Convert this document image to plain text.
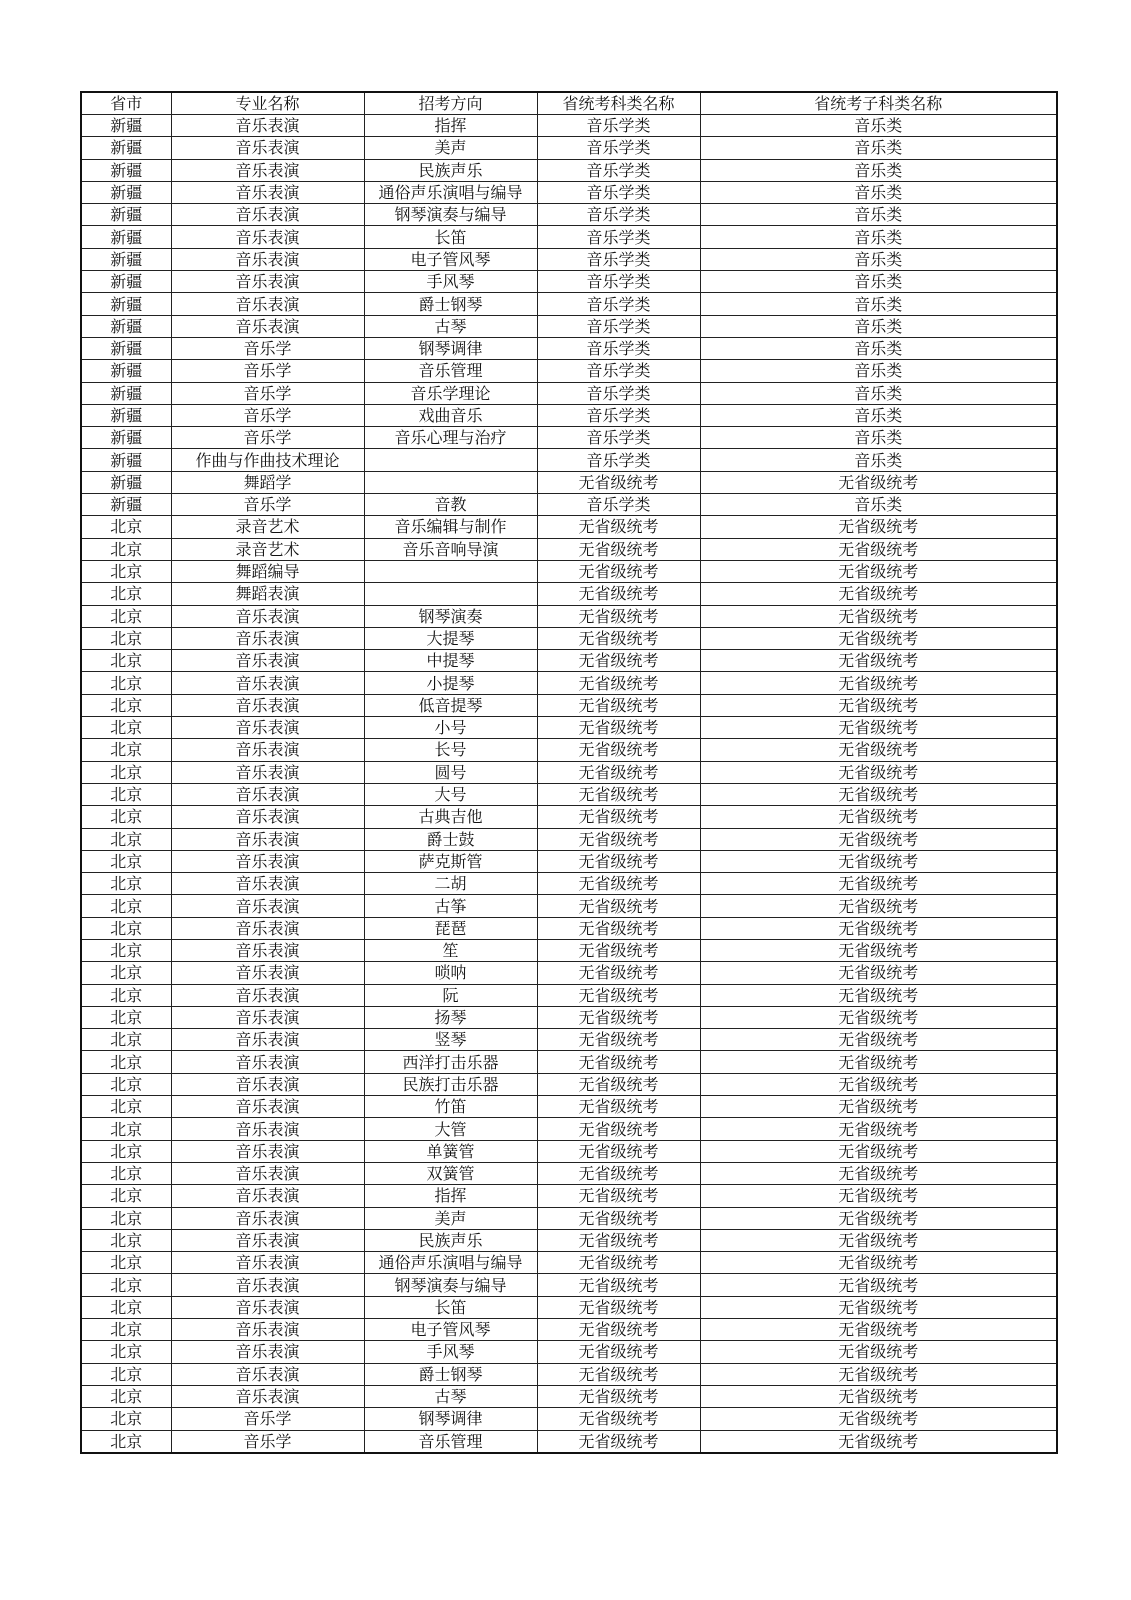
省市	专业名称	招考方向	省统考科类名称	省统考子科类名称
新疆	音乐表演	指挥	音乐学类	音乐类
新疆	音乐表演	美声	音乐学类	音乐类
新疆	音乐表演	民族声乐	音乐学类	音乐类
新疆	音乐表演	通俗声乐演唱与编导	音乐学类	音乐类
新疆	音乐表演	钢琴演奏与编导	音乐学类	音乐类
新疆	音乐表演	长笛	音乐学类	音乐类
新疆	音乐表演	电子管风琴	音乐学类	音乐类
新疆	音乐表演	手风琴	音乐学类	音乐类
新疆	音乐表演	爵士钢琴	音乐学类	音乐类
新疆	音乐表演	古琴	音乐学类	音乐类
新疆	音乐学	钢琴调律	音乐学类	音乐类
新疆	音乐学	音乐管理	音乐学类	音乐类
新疆	音乐学	音乐学理论	音乐学类	音乐类
新疆	音乐学	戏曲音乐	音乐学类	音乐类
新疆	音乐学	音乐心理与治疗	音乐学类	音乐类
新疆	作曲与作曲技术理论		音乐学类	音乐类
新疆	舞蹈学		无省级统考	无省级统考
新疆	音乐学	音教	音乐学类	音乐类
北京	录音艺术	音乐编辑与制作	无省级统考	无省级统考
北京	录音艺术	音乐音响导演	无省级统考	无省级统考
北京	舞蹈编导		无省级统考	无省级统考
北京	舞蹈表演		无省级统考	无省级统考
北京	音乐表演	钢琴演奏	无省级统考	无省级统考
北京	音乐表演	大提琴	无省级统考	无省级统考
北京	音乐表演	中提琴	无省级统考	无省级统考
北京	音乐表演	小提琴	无省级统考	无省级统考
北京	音乐表演	低音提琴	无省级统考	无省级统考
北京	音乐表演	小号	无省级统考	无省级统考
北京	音乐表演	长号	无省级统考	无省级统考
北京	音乐表演	圆号	无省级统考	无省级统考
北京	音乐表演	大号	无省级统考	无省级统考
北京	音乐表演	古典吉他	无省级统考	无省级统考
北京	音乐表演	爵士鼓	无省级统考	无省级统考
北京	音乐表演	萨克斯管	无省级统考	无省级统考
北京	音乐表演	二胡	无省级统考	无省级统考
北京	音乐表演	古筝	无省级统考	无省级统考
北京	音乐表演	琵琶	无省级统考	无省级统考
北京	音乐表演	笙	无省级统考	无省级统考
北京	音乐表演	唢呐	无省级统考	无省级统考
北京	音乐表演	阮	无省级统考	无省级统考
北京	音乐表演	扬琴	无省级统考	无省级统考
北京	音乐表演	竖琴	无省级统考	无省级统考
北京	音乐表演	西洋打击乐器	无省级统考	无省级统考
北京	音乐表演	民族打击乐器	无省级统考	无省级统考
北京	音乐表演	竹笛	无省级统考	无省级统考
北京	音乐表演	大管	无省级统考	无省级统考
北京	音乐表演	单簧管	无省级统考	无省级统考
北京	音乐表演	双簧管	无省级统考	无省级统考
北京	音乐表演	指挥	无省级统考	无省级统考
北京	音乐表演	美声	无省级统考	无省级统考
北京	音乐表演	民族声乐	无省级统考	无省级统考
北京	音乐表演	通俗声乐演唱与编导	无省级统考	无省级统考
北京	音乐表演	钢琴演奏与编导	无省级统考	无省级统考
北京	音乐表演	长笛	无省级统考	无省级统考
北京	音乐表演	电子管风琴	无省级统考	无省级统考
北京	音乐表演	手风琴	无省级统考	无省级统考
北京	音乐表演	爵士钢琴	无省级统考	无省级统考
北京	音乐表演	古琴	无省级统考	无省级统考
北京	音乐学	钢琴调律	无省级统考	无省级统考
北京	音乐学	音乐管理	无省级统考	无省级统考
